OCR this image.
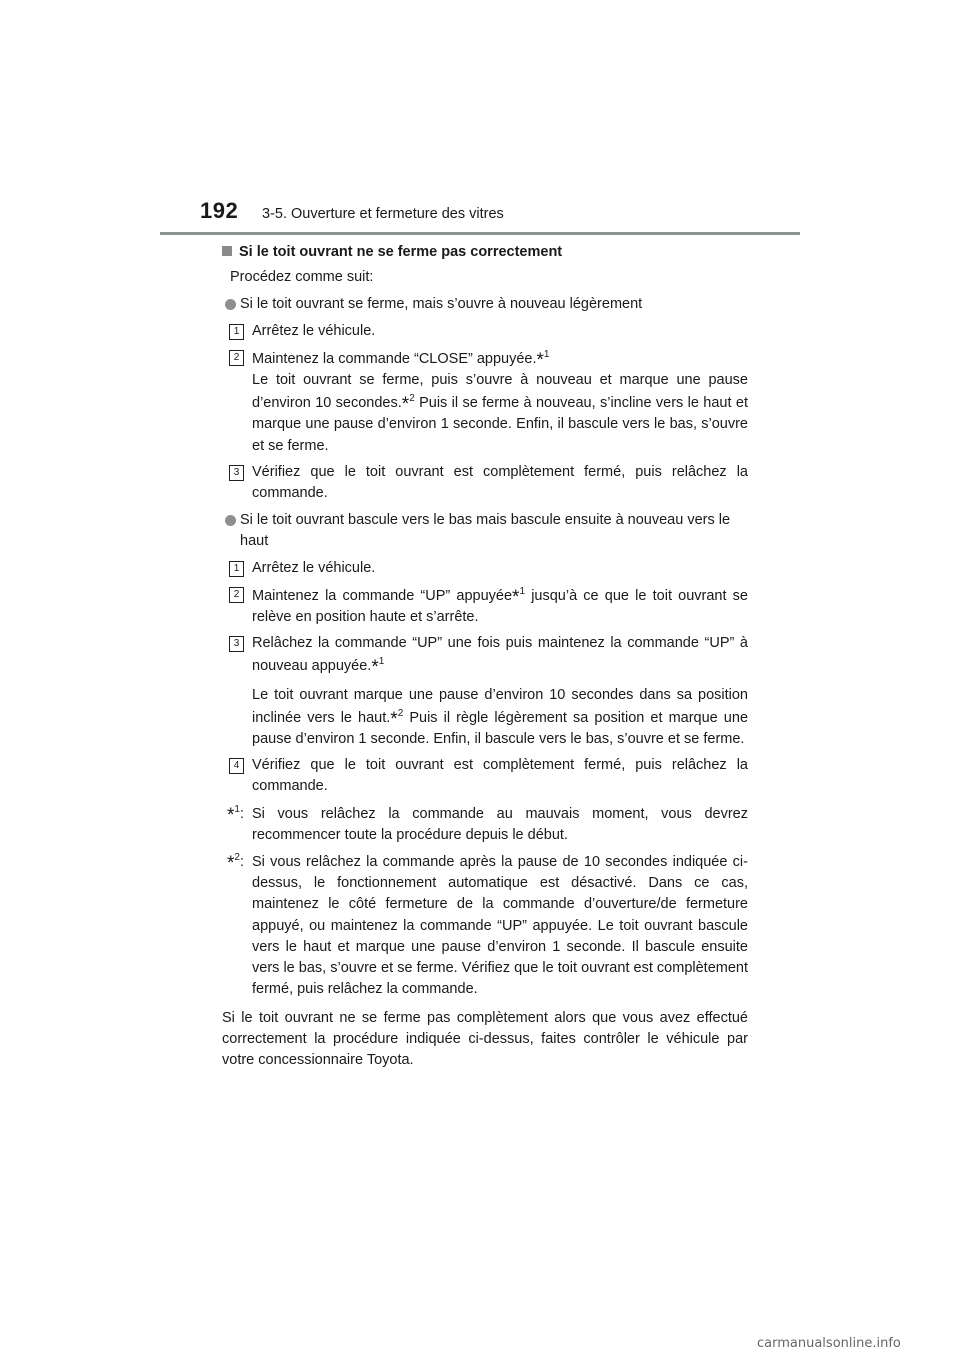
192 3-5. Ouverture et fermeture des vitres
Si le toit ouvrant ne se ferme pas correctement
Procédez comme suit:
Si le toit ouvrant se ferme, mais s’ouvre à nouveau légèrement
1 Arrêtez le véhicule.
2 Maintenez la commande “CLOSE” appuyée.*$^1$
Le toit ouvrant se ferme, puis s’ouvre à nouveau et marque une pause d’environ 10 secondes.*$^2$ Puis il se ferme à nouveau, s’incline vers le haut et marque une pause d’environ 1 seconde. Enfin, il bascule vers le bas, s’ouvre et se ferme.
3 Vérifiez que le toit ouvrant est complètement fermé, puis relâchez la commande.
Si le toit ouvrant bascule vers le bas mais bascule ensuite à nouveau vers le haut
1 Arrêtez le véhicule.
2 Maintenez la commande “UP” appuyée*$^1$ jusqu’à ce que le toit ouvrant se relève en position haute et s’arrête.
3 Relâchez la commande “UP” une fois puis maintenez la commande “UP” à nouveau appuyée.*$^1$
Le toit ouvrant marque une pause d’environ 10 secondes dans sa position inclinée vers le haut.*$^2$ Puis il règle légèrement sa position et marque une pause d’environ 1 seconde. Enfin, il bascule vers le bas, s’ouvre et se ferme.
4 Vérifiez que le toit ouvrant est complètement fermé, puis relâchez la commande.
*$^1$: Si vous relâchez la commande au mauvais moment, vous devrez recommencer toute la procédure depuis le début.
*$^2$: Si vous relâchez la commande après la pause de 10 secondes indiquée ci-dessus, le fonctionnement automatique est désactivé. Dans ce cas, maintenez le côté fermeture de la commande d’ouverture/de fermeture appuyé, ou maintenez la commande “UP” appuyée. Le toit ouvrant bascule vers le haut et marque une pause d’environ 1 seconde. Il bascule ensuite vers le bas, s’ouvre et se ferme. Vérifiez que le toit ouvrant est complètement fermé, puis relâchez la commande.
Si le toit ouvrant ne se ferme pas complètement alors que vous avez effectué correctement la procédure indiquée ci-dessus, faites contrôler le véhicule par votre concessionnaire Toyota.
carmanualsonline.info
